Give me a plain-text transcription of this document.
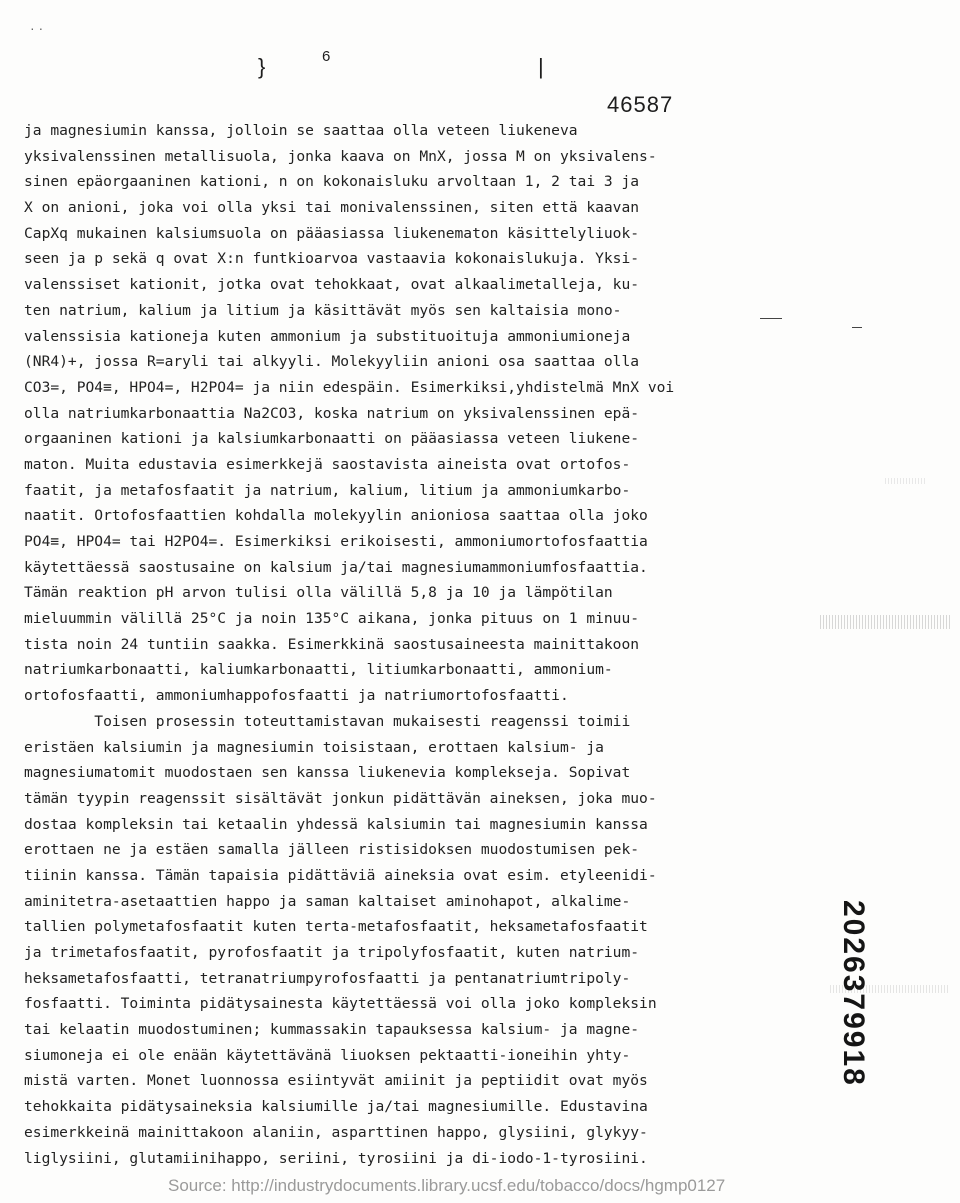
· ·
}	6	|
46587
ja magnesiumin kanssa, jolloin se saattaa olla veteen liukeneva
yksivalenssinen metallisuola, jonka kaava on MnX, jossa M on yksivalens-
sinen epäorgaaninen kationi, n on kokonaisluku arvoltaan 1, 2 tai 3 ja
X on anioni, joka voi olla yksi tai monivalenssinen, siten että kaavan
CapXq mukainen kalsiumsuola on pääasiassa liukenematon käsittelyliuok-
seen ja p sekä q ovat X:n funtkioarvoa vastaavia kokonaislukuja. Yksi-
valenssiset kationit, jotka ovat tehokkaat, ovat alkaalimetalleja, ku-
ten natrium, kalium ja litium ja käsittävät myös sen kaltaisia mono-
valenssisia kationeja kuten ammonium ja substituoituja ammoniumioneja
(NR4)+, jossa R=aryli tai alkyyli. Molekyyliin anioni osa saattaa olla
CO3=, PO4≡, HPO4=, H2PO4= ja niin edespäin. Esimerkiksi,yhdistelmä MnX voi
olla natriumkarbonaattia Na2CO3, koska natrium on yksivalenssinen epä-
orgaaninen kationi ja kalsiumkarbonaatti on pääasiassa veteen liukene-
maton. Muita edustavia esimerkkejä saostavista aineista ovat ortofos-
faatit, ja metafosfaatit ja natrium, kalium, litium ja ammoniumkarbo-
naatit. Ortofosfaattien kohdalla molekyylin anioniosa saattaa olla joko
PO4≡, HPO4= tai H2PO4=. Esimerkiksi erikoisesti, ammoniumortofosfaattia
käytettäessä saostusaine on kalsium ja/tai magnesiumammoniumfosfaattia.
Tämän reaktion pH arvon tulisi olla välillä 5,8 ja 10 ja lämpötilan
mieluummin välillä 25°C ja noin 135°C aikana, jonka pituus on 1 minuu-
tista noin 24 tuntiin saakka. Esimerkkinä saostusaineesta mainittakoon
natriumkarbonaatti, kaliumkarbonaatti, litiumkarbonaatti, ammonium-
ortofosfaatti, ammoniumhappofosfaatti ja natriumortofosfaatti.
Toisen prosessin toteuttamistavan mukaisesti reagenssi toimii
eristäen kalsiumin ja magnesiumin toisistaan, erottaen kalsium- ja
magnesiumatomit muodostaen sen kanssa liukenevia komplekseja. Sopivat
tämän tyypin reagenssit sisältävät jonkun pidättävän aineksen, joka muo-
dostaa kompleksin tai ketaalin yhdessä kalsiumin tai magnesiumin kanssa
erottaen ne ja estäen samalla jälleen ristisidoksen muodostumisen pek-
tiinin kanssa. Tämän tapaisia pidättäviä aineksia ovat esim. etyleenidi-
aminitetra-asetaattien happo ja saman kaltaiset aminohapot, alkalime-
tallien polymetafosfaatit kuten terta-metafosfaatit, heksametafosfaatit
ja trimetafosfaatit, pyrofosfaatit ja tripolyfosfaatit, kuten natrium-
heksametafosfaatti, tetranatriumpyrofosfaatti ja pentanatriumtripoly-
fosfaatti. Toiminta pidätysainesta käytettäessä voi olla joko kompleksin
tai kelaatin muodostuminen; kummassakin tapauksessa kalsium- ja magne-
siumoneja ei ole enään käytettävänä liuoksen pektaatti-ioneihin yhty-
mistä varten. Monet luonnossa esiintyvät amiinit ja peptiidit ovat myös
tehokkaita pidätysaineksia kalsiumille ja/tai magnesiumille. Edustavina
esimerkkeinä mainittakoon alaniin, asparttinen happo, glysiini, glykyy-
liglysiini, glutamiinihappo, seriini, tyrosiini ja di-iodo-1-tyrosiini.
2026379918
Source: http://industrydocuments.library.ucsf.edu/tobacco/docs/hgmp0127
